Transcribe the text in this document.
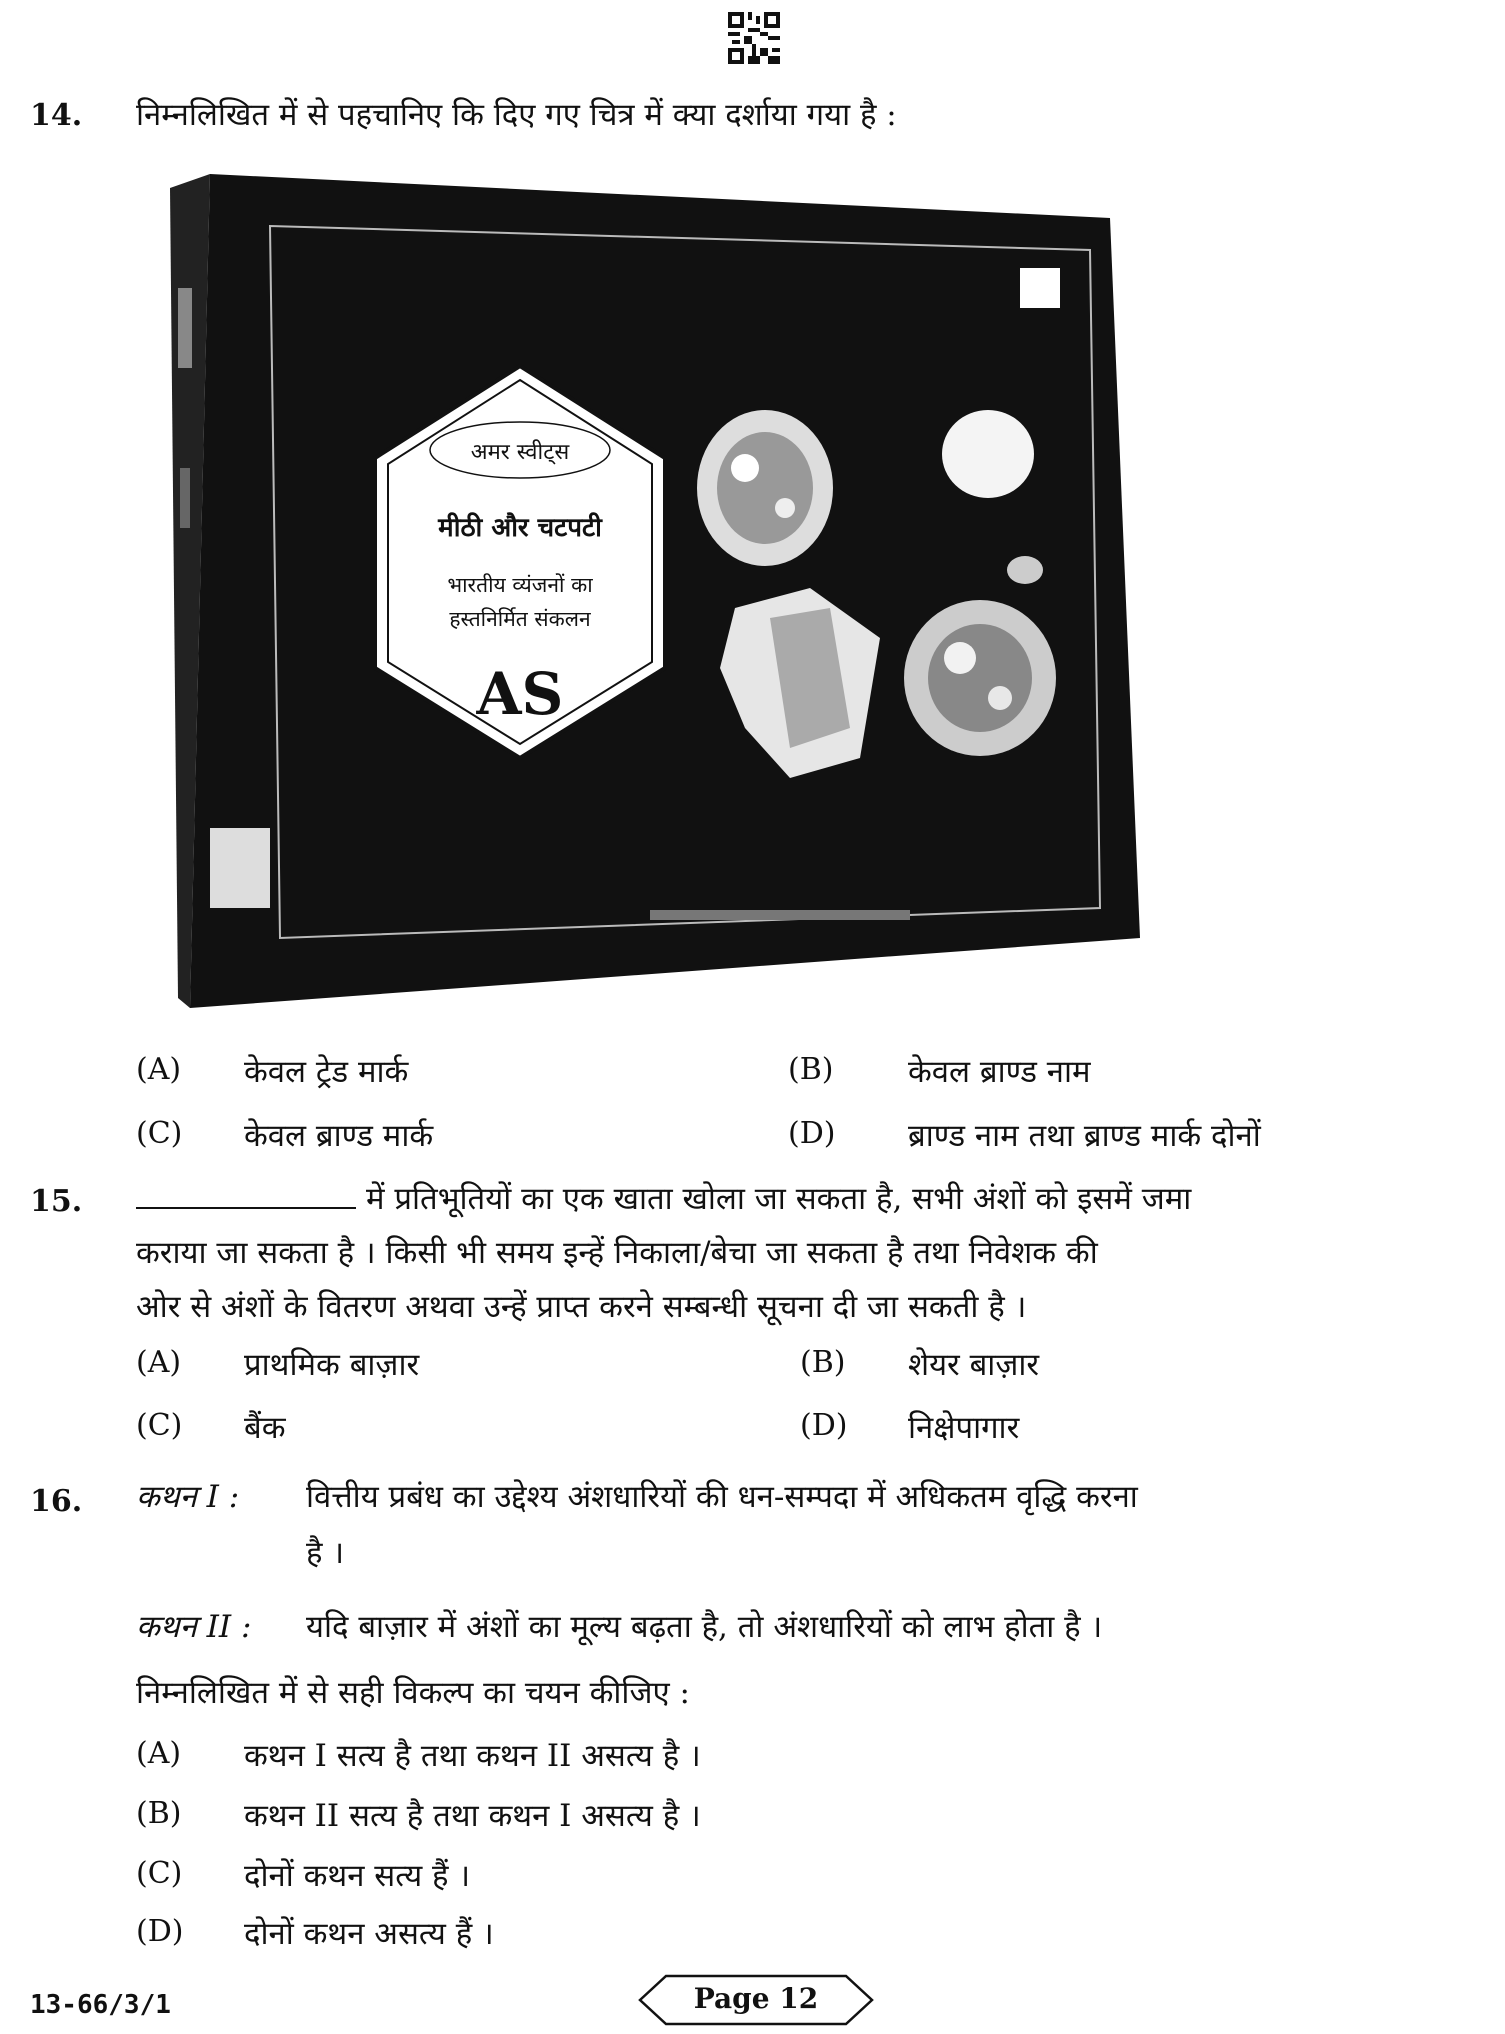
14. निम्नलिखित में से पहचानिए कि दिए गए चित्र में क्या दर्शाया गया है :
अमर स्वीट्स
मीठी और चटपटी
भारतीय व्यंजनों का
हस्तनिर्मित संकलन
AS
(A) केवल ट्रेड मार्क	(B) केवल ब्राण्ड नाम
(C) केवल ब्राण्ड मार्क	(D) ब्राण्ड नाम तथा ब्राण्ड मार्क दोनों
15.	में प्रतिभूतियों का एक खाता खोला जा सकता है, सभी अंशों को इसमें जमा
कराया जा सकता है । किसी भी समय इन्हें निकाला/बेचा जा सकता है तथा निवेशक की
ओर से अंशों के वितरण अथवा उन्हें प्राप्त करने सम्बन्धी सूचना दी जा सकती है ।
(A) प्राथमिक बाज़ार	(B) शेयर बाज़ार
(C) बैंक	(D) निक्षेपागार
16. कथन I : वित्तीय प्रबंध का उद्देश्य अंशधारियों की धन-सम्पदा में अधिकतम वृद्धि करना
है ।
कथन II : यदि बाज़ार में अंशों का मूल्य बढ़ता है, तो अंशधारियों को लाभ होता है ।
निम्नलिखित में से सही विकल्प का चयन कीजिए :
(A) कथन I सत्य है तथा कथन II असत्य है ।
(B) कथन II सत्य है तथा कथन I असत्य है ।
(C) दोनों कथन सत्य हैं ।
(D) दोनों कथन असत्य हैं ।
13-66/3/1	Page 12
